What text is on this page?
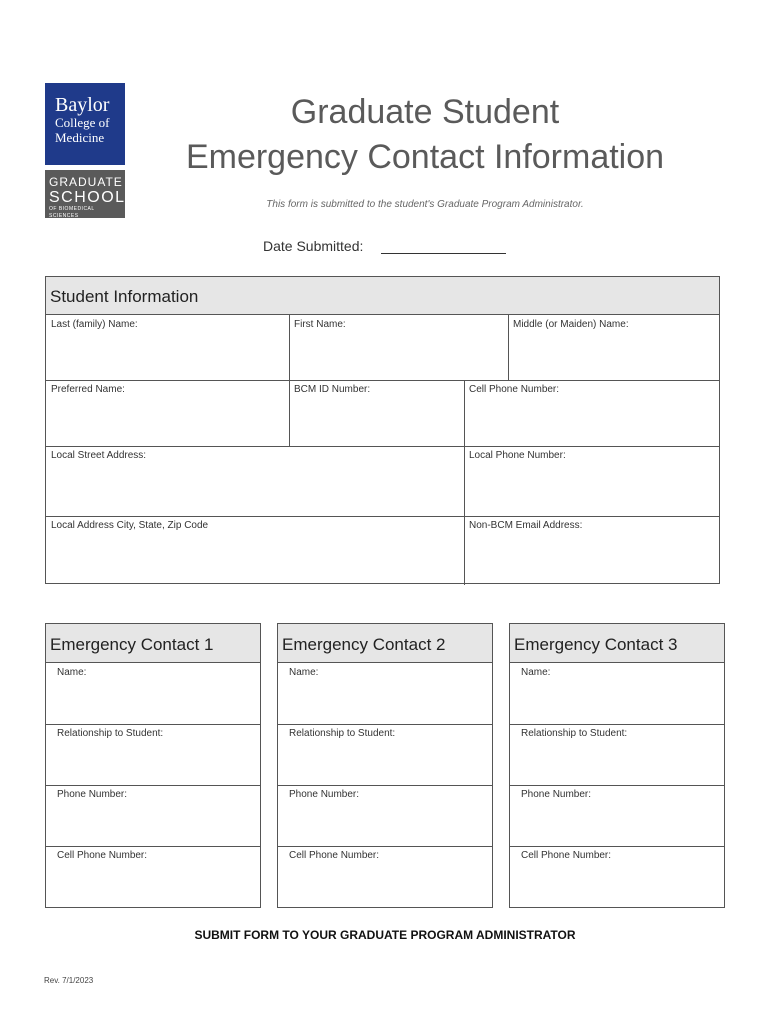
Baylor
College of
Medicine
GRADUATE
SCHOOL
OF BIOMEDICAL SCIENCES
Graduate Student
Emergency Contact Information
This form is submitted to the student's Graduate Program Administrator.
Date Submitted:
Student Information
Last (family) Name:	First Name:	Middle (or Maiden) Name:
Preferred Name:	BCM ID Number:	Cell Phone Number:
Local Street Address:	Local Phone Number:
Local Address City, State, Zip Code	Non-BCM Email Address:
Emergency Contact 1
Name:
Relationship to Student:
Phone Number:
Cell Phone Number:
Emergency Contact 2
Name:
Relationship to Student:
Phone Number:
Cell Phone Number:
Emergency Contact 3
Name:
Relationship to Student:
Phone Number:
Cell Phone Number:
SUBMIT FORM TO YOUR GRADUATE PROGRAM ADMINISTRATOR
Rev. 7/1/2023
